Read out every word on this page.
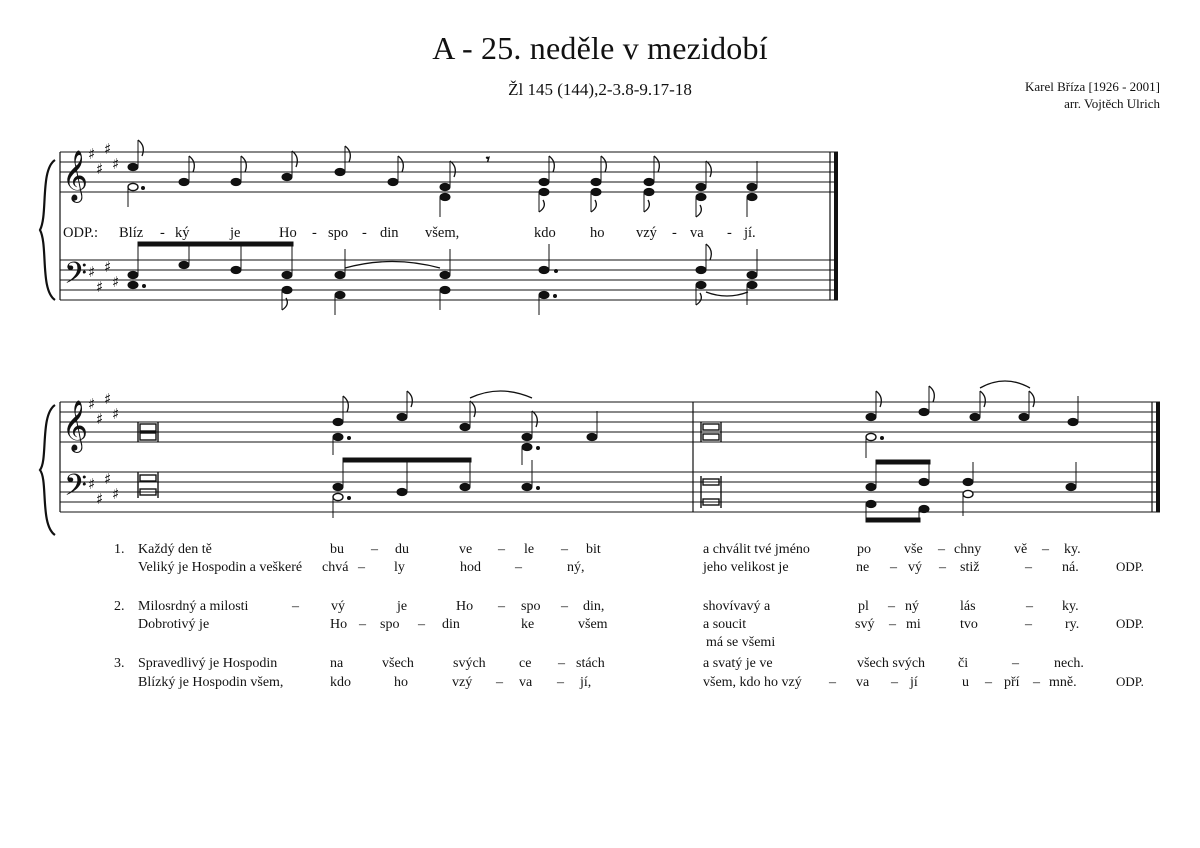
A - 25. neděle v mezidobí
Žl 145 (144),2-3.8-9.17-18	Karel Bříza [1926 - 2001]
arr. Vojtěch Ulrich
𝄞
𝄢
♯
♯
♯
♯
♯
♯
♯
♯
𝄾
ODP.: Blíz - ký	je	Ho - spo - din všem,	kdo ho vzý - va - jí.
𝄞
𝄢
♯
♯
♯
♯
♯
♯
♯
♯
1. Každý den tě	bu – du	ve – le – bit	a chválit tvé jméno	po vše – chny vě – ky.
Veliký je Hospodin a veškeré chvá – ly	hod –	ný,	jeho velikost je	ne – vý – stiž	– ná.	ODP.
2. Milosrdný a milosti	– vý	je	Ho – spo – din,	shovívavý a	pl – ný	lás	– ky.
Dobrotivý je	Ho – spo – din	ke	všem	a soucit	svý – mi	tvo	– ry.	ODP.
má se všemi
3. Spravedlivý je Hospodin	na	všech	svých ce – stách	a svatý je ve	všech svých či	–	nech.
Blízký je Hospodin všem,	kdo	ho	vzý – va – jí,	všem, kdo ho vzý – va – jí	u – pří – mně.	ODP.
